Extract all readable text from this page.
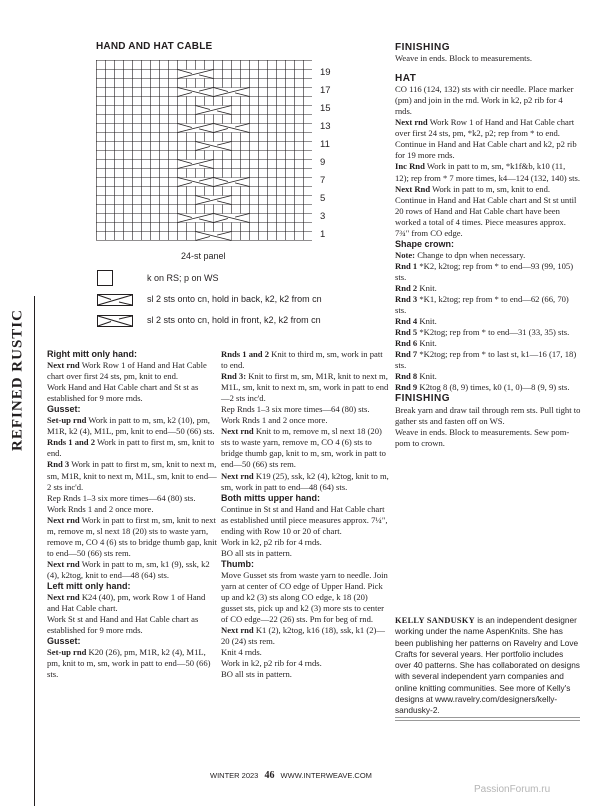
HAND AND HAT CABLE
19
17
15
13
11
9
7
5
3
1
24-st panel
k on RS; p on WS
sl 2 sts onto cn, hold in back, k2, k2 from cn
sl 2 sts onto cn, hold in front, k2, k2 from cn
REFINED RUSTIC Right mitt only hand:

Next rnd Work Row 1 of Hand and Hat Cable chart over first 24 sts, pm, knit to end.

Work Hand and Hat Cable chart and St st as established for 9 more rnds.

Gusset:

Set-up rnd Work in patt to m, sm, k2 (10), pm, M1R, k2 (4), M1L, pm, knit to end—50 (66) sts.

Rnds 1 and 2 Work in patt to first m, sm, knit to end.

Rnd 3 Work in patt to first m, sm, knit to next m, sm, M1R, knit to next m, M1L, sm, knit to end—2 sts inc'd.

Rep Rnds 1–3 six more times—64 (80) sts.

Work Rnds 1 and 2 once more.

Next rnd Work in patt to first m, sm, knit to next m, remove m, sl next 18 (20) sts to waste yarn, remove m, CO 4 (6) sts to bridge thumb gap, knit to end—50 (66) sts rem.

Next rnd Work in patt to m, sm, k1 (9), ssk, k2 (4), k2tog, knit to end—48 (64) sts.

Left mitt only hand:

Next rnd K24 (40), pm, work Row 1 of Hand and Hat Cable chart.

Work St st and Hand and Hat Cable chart as established for 9 more rnds.

Gusset:

Set-up rnd K20 (26), pm, M1R, k2 (4), M1L, pm, knit to m, sm, work in patt to end—50 (66) sts.

Rnds 1 and 2 Knit to third m, sm, work in patt to end.

Rnd 3: Knit to first m, sm, M1R, knit to next m, M1L, sm, knit to next m, sm, work in patt to end—2 sts inc'd.

Rep Rnds 1–3 six more times—64 (80) sts.

Work Rnds 1 and 2 once more.

Next rnd Knit to m, remove m, sl next 18 (20) sts to waste yarn, remove m, CO 4 (6) sts to bridge thumb gap, knit to m, sm, work in patt to end—50 (66) sts rem.

Next rnd K19 (25), ssk, k2 (4), k2tog, knit to m, sm, work in patt to end—48 (64) sts.

Both mitts upper hand:

Continue in St st and Hand and Hat Cable chart as established until piece measures approx. 7¼", ending with Row 10 or 20 of chart.

Work in k2, p2 rib for 4 rnds.

BO all sts in pattern.

Thumb:

Move Gusset sts from waste yarn to needle. Join yarn at center of CO edge of Upper Hand. Pick up and k2 (3) sts along CO edge, k 18 (20) gusset sts, pick up and k2 (3) more sts to center of CO edge—22 (26) sts. Pm for beg of rnd.

Next rnd K1 (2), k2tog, k16 (18), ssk, k1 (2)—20 (24) sts rem.

Knit 4 rnds.

Work in k2, p2 rib for 4 rnds.

BO all sts in pattern.

FINISHING

Weave in ends. Block to measurements.

HAT

CO 116 (124, 132) sts with cir needle. Place marker (pm) and join in the rnd. Work in k2, p2 rib for 4 rnds.

Next rnd Work Row 1 of Hand and Hat Cable chart over first 24 sts, pm, *k2, p2; rep from * to end.

Continue in Hand and Hat Cable chart and k2, p2 rib for 19 more rnds.

Inc Rnd Work in patt to m, sm, *k1f&b, k10 (11, 12); rep from * 7 more times, k4—124 (132, 140) sts.

Next Rnd Work in patt to m, sm, knit to end.

Continue in Hand and Hat Cable chart and St st until 20 rows of Hand and Hat Cable chart have been worked a total of 4 times. Piece measures approx. 7¾" from CO edge.

Shape crown:

Note: Change to dpn when necessary.

Rnd 1 *K2, k2tog; rep from * to end—93 (99, 105) sts.

Rnd 2 Knit.

Rnd 3 *K1, k2tog; rep from * to end—62 (66, 70) sts.

Rnd 4 Knit.

Rnd 5 *K2tog; rep from * to end—31 (33, 35) sts.

Rnd 6 Knit.

Rnd 7 *K2tog; rep from * to last st, k1—16 (17, 18) sts.

Rnd 8 Knit.

Rnd 9 K2tog 8 (8, 9) times, k0 (1, 0)—8 (9, 9) sts.

FINISHING

Break yarn and draw tail through rem sts. Pull tight to gather sts and fasten off on WS.

Weave in ends. Block to measurements. Sew pom-pom to crown.

KELLY SANDUSKY is an independent designer working under the name AspenKnits. She has been publishing her patterns on Ravelry and Love Crafts for several years. Her portfolio includes over 40 patterns. She has collaborated on designs with several independent yarn companies and online knitting communities. See more of Kelly's designs at www.ravelry.com/designers/kelly-sandusky-2.
WINTER 2023 46 WWW.INTERWEAVE.COM
PassionForum.ru
